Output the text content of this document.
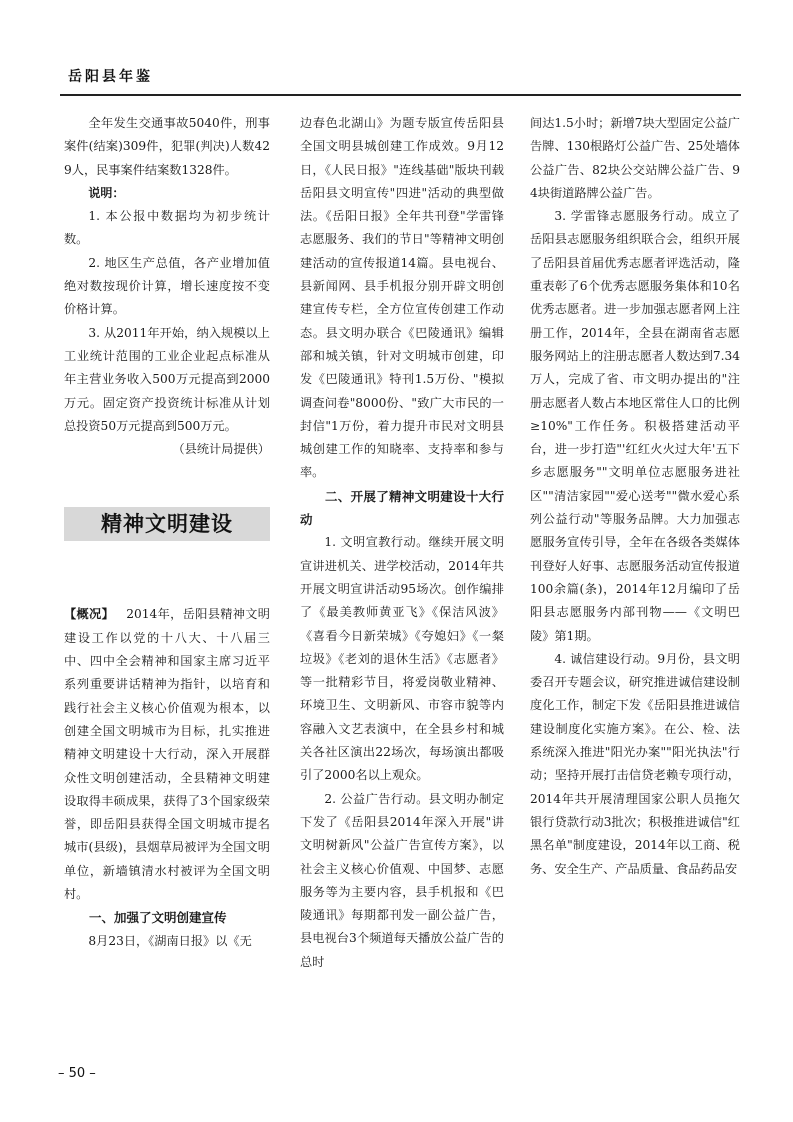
岳阳县年鉴

全年发生交通事故5040件，刑事案件(结案)309件，犯罪(判决)人数429人，民事案件结案数1328件。

说明：

1. 本公报中数据均为初步统计数。

2. 地区生产总值，各产业增加值绝对数按现价计算，增长速度按不变价格计算。

3. 从2011年开始，纳入规模以上工业统计范围的工业企业起点标准从年主营业务收入500万元提高到2000万元。固定资产投资统计标准从计划总投资50万元提高到500万元。

（县统计局提供）

精神文明建设

【概况】  2014年，岳阳县精神文明建设工作以党的十八大、十八届三中、四中全会精神和国家主席习近平系列重要讲话精神为指针，以培育和践行社会主义核心价值观为根本，以创建全国文明城市为目标，扎实推进精神文明建设十大行动，深入开展群众性文明创建活动，全县精神文明建设取得丰硕成果，获得了3个国家级荣誉，即岳阳县获得全国文明城市提名城市(县级)，县烟草局被评为全国文明单位，新墙镇清水村被评为全国文明村。

一、加强了文明创建宣传

8月23日，《湖南日报》以《无

边春色北湖山》为题专版宣传岳阳县全国文明县城创建工作成效。9月12日，《人民日报》"连线基础"版块刊载岳阳县文明宣传"四进"活动的典型做法。《岳阳日报》全年共刊登"学雷锋志愿服务、我们的节日"等精神文明创建活动的宣传报道14篇。县电视台、县新闻网、县手机报分别开辟文明创建宣传专栏，全方位宣传创建工作动态。县文明办联合《巴陵通讯》编辑部和城关镇，针对文明城市创建，印发《巴陵通讯》特刊1.5万份、"模拟调查问卷"8000份、"致广大市民的一封信"1万份，着力提升市民对文明县城创建工作的知晓率、支持率和参与率。

二、开展了精神文明建设十大行动

1. 文明宣教行动。继续开展文明宣讲进机关、进学校活动，2014年共开展文明宣讲活动95场次。创作编排了《最美教师黄亚飞》《保洁风波》《喜看今日新荣城》《夸媳妇》《一粲垃圾》《老刘的退休生活》《志愿者》等一批精彩节目，将爱岗敬业精神、环境卫生、文明新风、市容市貌等内容融入文艺表演中，在全县乡村和城关各社区演出22场次，每场演出都吸引了2000名以上观众。

2. 公益广告行动。县文明办制定下发了《岳阳县2014年深入开展"讲文明树新风"公益广告宣传方案》，以社会主义核心价值观、中国梦、志愿服务等为主要内容，县手机报和《巴陵通讯》每期都刊发一副公益广告，县电视台3个频道每天播放公益广告的总时

间达1.5小时；新增7块大型固定公益广告牌、130根路灯公益广告、25处墙体公益广告、82块公交站牌公益广告、94块街道路牌公益广告。

3. 学雷锋志愿服务行动。成立了岳阳县志愿服务组织联合会，组织开展了岳阳县首届优秀志愿者评选活动，隆重表彰了6个优秀志愿服务集体和10名优秀志愿者。进一步加强志愿者网上注册工作，2014年，全县在湖南省志愿服务网站上的注册志愿者人数达到7.34万人，完成了省、市文明办提出的"注册志愿者人数占本地区常住人口的比例≥10%"工作任务。积极搭建活动平台，进一步打造"'红红火火过大年'五下乡志愿服务""文明单位志愿服务进社区""清洁家园""爱心送考""微水爱心系列公益行动"等服务品牌。大力加强志愿服务宣传引导，全年在各级各类媒体刊登好人好事、志愿服务活动宣传报道100余篇(条)，2014年12月编印了岳阳县志愿服务内部刊物——《文明巴陵》第1期。

4. 诚信建设行动。9月份，县文明委召开专题会议，研究推进诚信建设制度化工作，制定下发《岳阳县推进诚信建设制度化实施方案》。在公、检、法系统深入推进"阳光办案""阳光执法"行动；坚持开展打击信贷老赖专项行动，2014年共开展清理国家公职人员拖欠银行贷款行动3批次；积极推进诚信"红黑名单"制度建设，2014年以工商、税务、安全生产、产品质量、食品药品安

– 50 –
